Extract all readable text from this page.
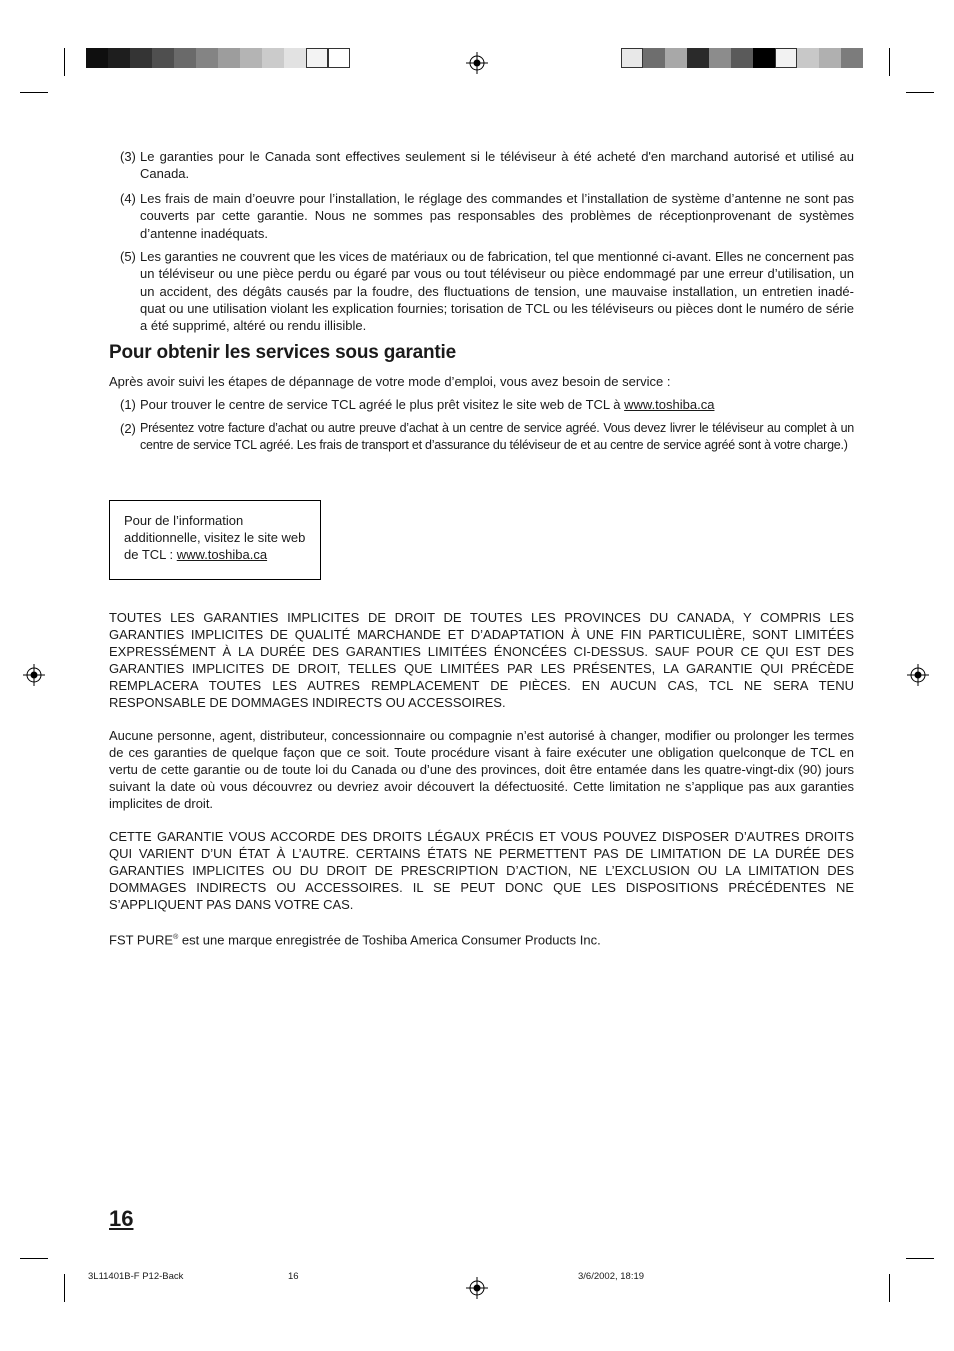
(3) Le garanties pour le Canada sont effectives seulement si le téléviseur à été acheté d'en marchand autorisé et utilisé au Canada.
(4) Les frais de main d’oeuvre pour l’installation, le réglage des commandes et l’installation de système d’antenne ne sont pas couverts par cette garantie. Nous ne sommes pas responsables des problèmes de réceptionprovenant de systèmes d’antenne inadéquats.
(5) Les garanties ne couvrent que les vices de matériaux ou de fabrication, tel que mentionné ci-avant. Elles ne concernent pas un téléviseur ou une pièce perdu ou égaré par vous ou tout téléviseur ou pièce endommagé par une erreur d’utilisation, un un accident, des dégâts causés par la foudre, des fluctuations de tension, une mauvaise installation, un entretien inadé-quat ou une utilisation violant les explication fournies; torisation de TCL ou les téléviseurs ou pièces dont le numéro de série a été supprimé, altéré ou rendu illisible.
Pour obtenir les services sous garantie
Après avoir suivi les étapes de dépannage de votre mode d’emploi, vous avez besoin de service :
(1) Pour trouver le centre de service TCL agréé le plus prêt visitez le site web de TCL à www.toshiba.ca
(2) Présentez votre facture d’achat ou autre preuve d’achat à un centre de service agréé. Vous devez livrer le téléviseur au complet à un centre de service TCL agréé. Les frais de transport et d’assurance du téléviseur de et au centre de service agréé sont à votre charge.)
Pour de l’information additionnelle, visitez le site web de TCL : www.toshiba.ca
TOUTES LES GARANTIES IMPLICITES DE DROIT DE TOUTES LES PROVINCES DU CANADA, Y COMPRIS LES GARANTIES IMPLICITES DE QUALITÉ MARCHANDE ET D’ADAPTATION À UNE FIN PARTICULIÈRE, SONT LIMITÉES EXPRESSÉMENT À LA DURÉE DES GARANTIES LIMITÉES ÉNONCÉES CI-DESSUS. SAUF POUR CE QUI EST DES GARANTIES IMPLICITES DE DROIT, TELLES QUE LIMITÉES PAR LES PRÉSENTES, LA GARANTIE QUI PRÉCÈDE REMPLACERA TOUTES LES AUTRES REMPLACEMENT DE PIÈCES. EN AUCUN CAS, TCL NE SERA TENU RESPONSABLE DE DOMMAGES INDIRECTS OU ACCESSOIRES.
Aucune personne, agent, distributeur, concessionnaire ou compagnie n’est autorisé à changer, modifier ou prolonger les termes de ces garanties de quelque façon que ce soit. Toute procédure visant à faire exécuter une obligation quelconque de TCL en vertu de cette garantie ou de toute loi du Canada ou d’une des provinces, doit être entamée dans les quatre-vingt-dix (90) jours suivant la date où vous découvrez ou devriez avoir découvert la défectuosité. Cette limitation ne s’applique pas aux garanties implicites de droit.
CETTE GARANTIE VOUS ACCORDE DES DROITS LÉGAUX PRÉCIS ET VOUS POUVEZ DISPOSER D’AUTRES DROITS QUI VARIENT D’UN ÉTAT À L’AUTRE. CERTAINS ÉTATS NE PERMETTENT PAS DE LIMITATION DE LA DURÉE DES GARANTIES IMPLICITES OU DU DROIT DE PRESCRIPTION D’ACTION, NE L’EXCLUSION OU LA LIMITATION DES DOMMAGES INDIRECTS OU ACCESSOIRES. IL SE PEUT DONC QUE LES DISPOSITIONS PRÉCÉDENTES NE S’APPLIQUENT PAS DANS VOTRE CAS.
FST PURE® est une marque enregistrée de Toshiba America Consumer Products Inc.
16
3L11401B-F P12-Back	16	3/6/2002, 18:19
